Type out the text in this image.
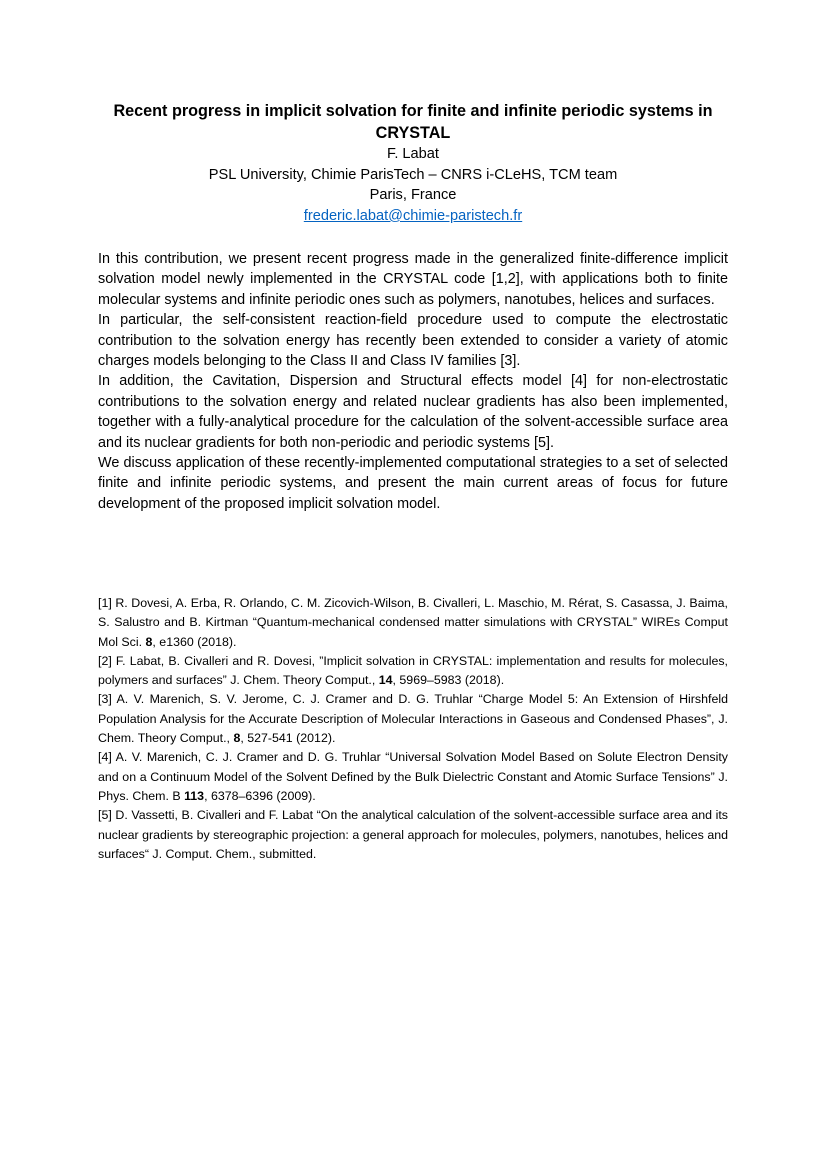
Recent progress in implicit solvation for finite and infinite periodic systems in CRYSTAL

F. Labat
PSL University, Chimie ParisTech – CNRS i-CLeHS, TCM team
Paris, France
frederic.labat@chimie-paristech.fr

In this contribution, we present recent progress made in the generalized finite-difference implicit solvation model newly implemented in the CRYSTAL code [1,2], with applications both to finite molecular systems and infinite periodic ones such as polymers, nanotubes, helices and surfaces.

In particular, the self-consistent reaction-field procedure used to compute the electrostatic contribution to the solvation energy has recently been extended to consider a variety of atomic charges models belonging to the Class II and Class IV families [3].

In addition, the Cavitation, Dispersion and Structural effects model [4] for non-electrostatic contributions to the solvation energy and related nuclear gradients has also been implemented, together with a fully-analytical procedure for the calculation of the solvent-accessible surface area and its nuclear gradients for both non-periodic and periodic systems [5].

We discuss application of these recently-implemented computational strategies to a set of selected finite and infinite periodic systems, and present the main current areas of focus for future development of the proposed implicit solvation model.

[1] R. Dovesi, A. Erba, R. Orlando, C. M. Zicovich-Wilson, B. Civalleri, L. Maschio, M. Rérat, S. Casassa, J. Baima, S. Salustro and B. Kirtman “Quantum-mechanical condensed matter simulations with CRYSTAL” WIREs Comput Mol Sci. 8, e1360 (2018).

[2] F. Labat, B. Civalleri and R. Dovesi, ”Implicit solvation in CRYSTAL: implementation and results for molecules, polymers and surfaces” J. Chem. Theory Comput., 14, 5969–5983 (2018).

[3] A. V. Marenich, S. V. Jerome, C. J. Cramer and D. G. Truhlar “Charge Model 5: An Extension of Hirshfeld Population Analysis for the Accurate Description of Molecular Interactions in Gaseous and Condensed Phases”, J. Chem. Theory Comput., 8, 527-541 (2012).

[4] A. V. Marenich, C. J. Cramer and D. G. Truhlar “Universal Solvation Model Based on Solute Electron Density and on a Continuum Model of the Solvent Defined by the Bulk Dielectric Constant and Atomic Surface Tensions” J. Phys. Chem. B 113, 6378–6396 (2009).

[5] D. Vassetti, B. Civalleri and F. Labat “On the analytical calculation of the solvent-accessible surface area and its nuclear gradients by stereographic projection: a general approach for molecules, polymers, nanotubes, helices and surfaces“ J. Comput. Chem., submitted.
